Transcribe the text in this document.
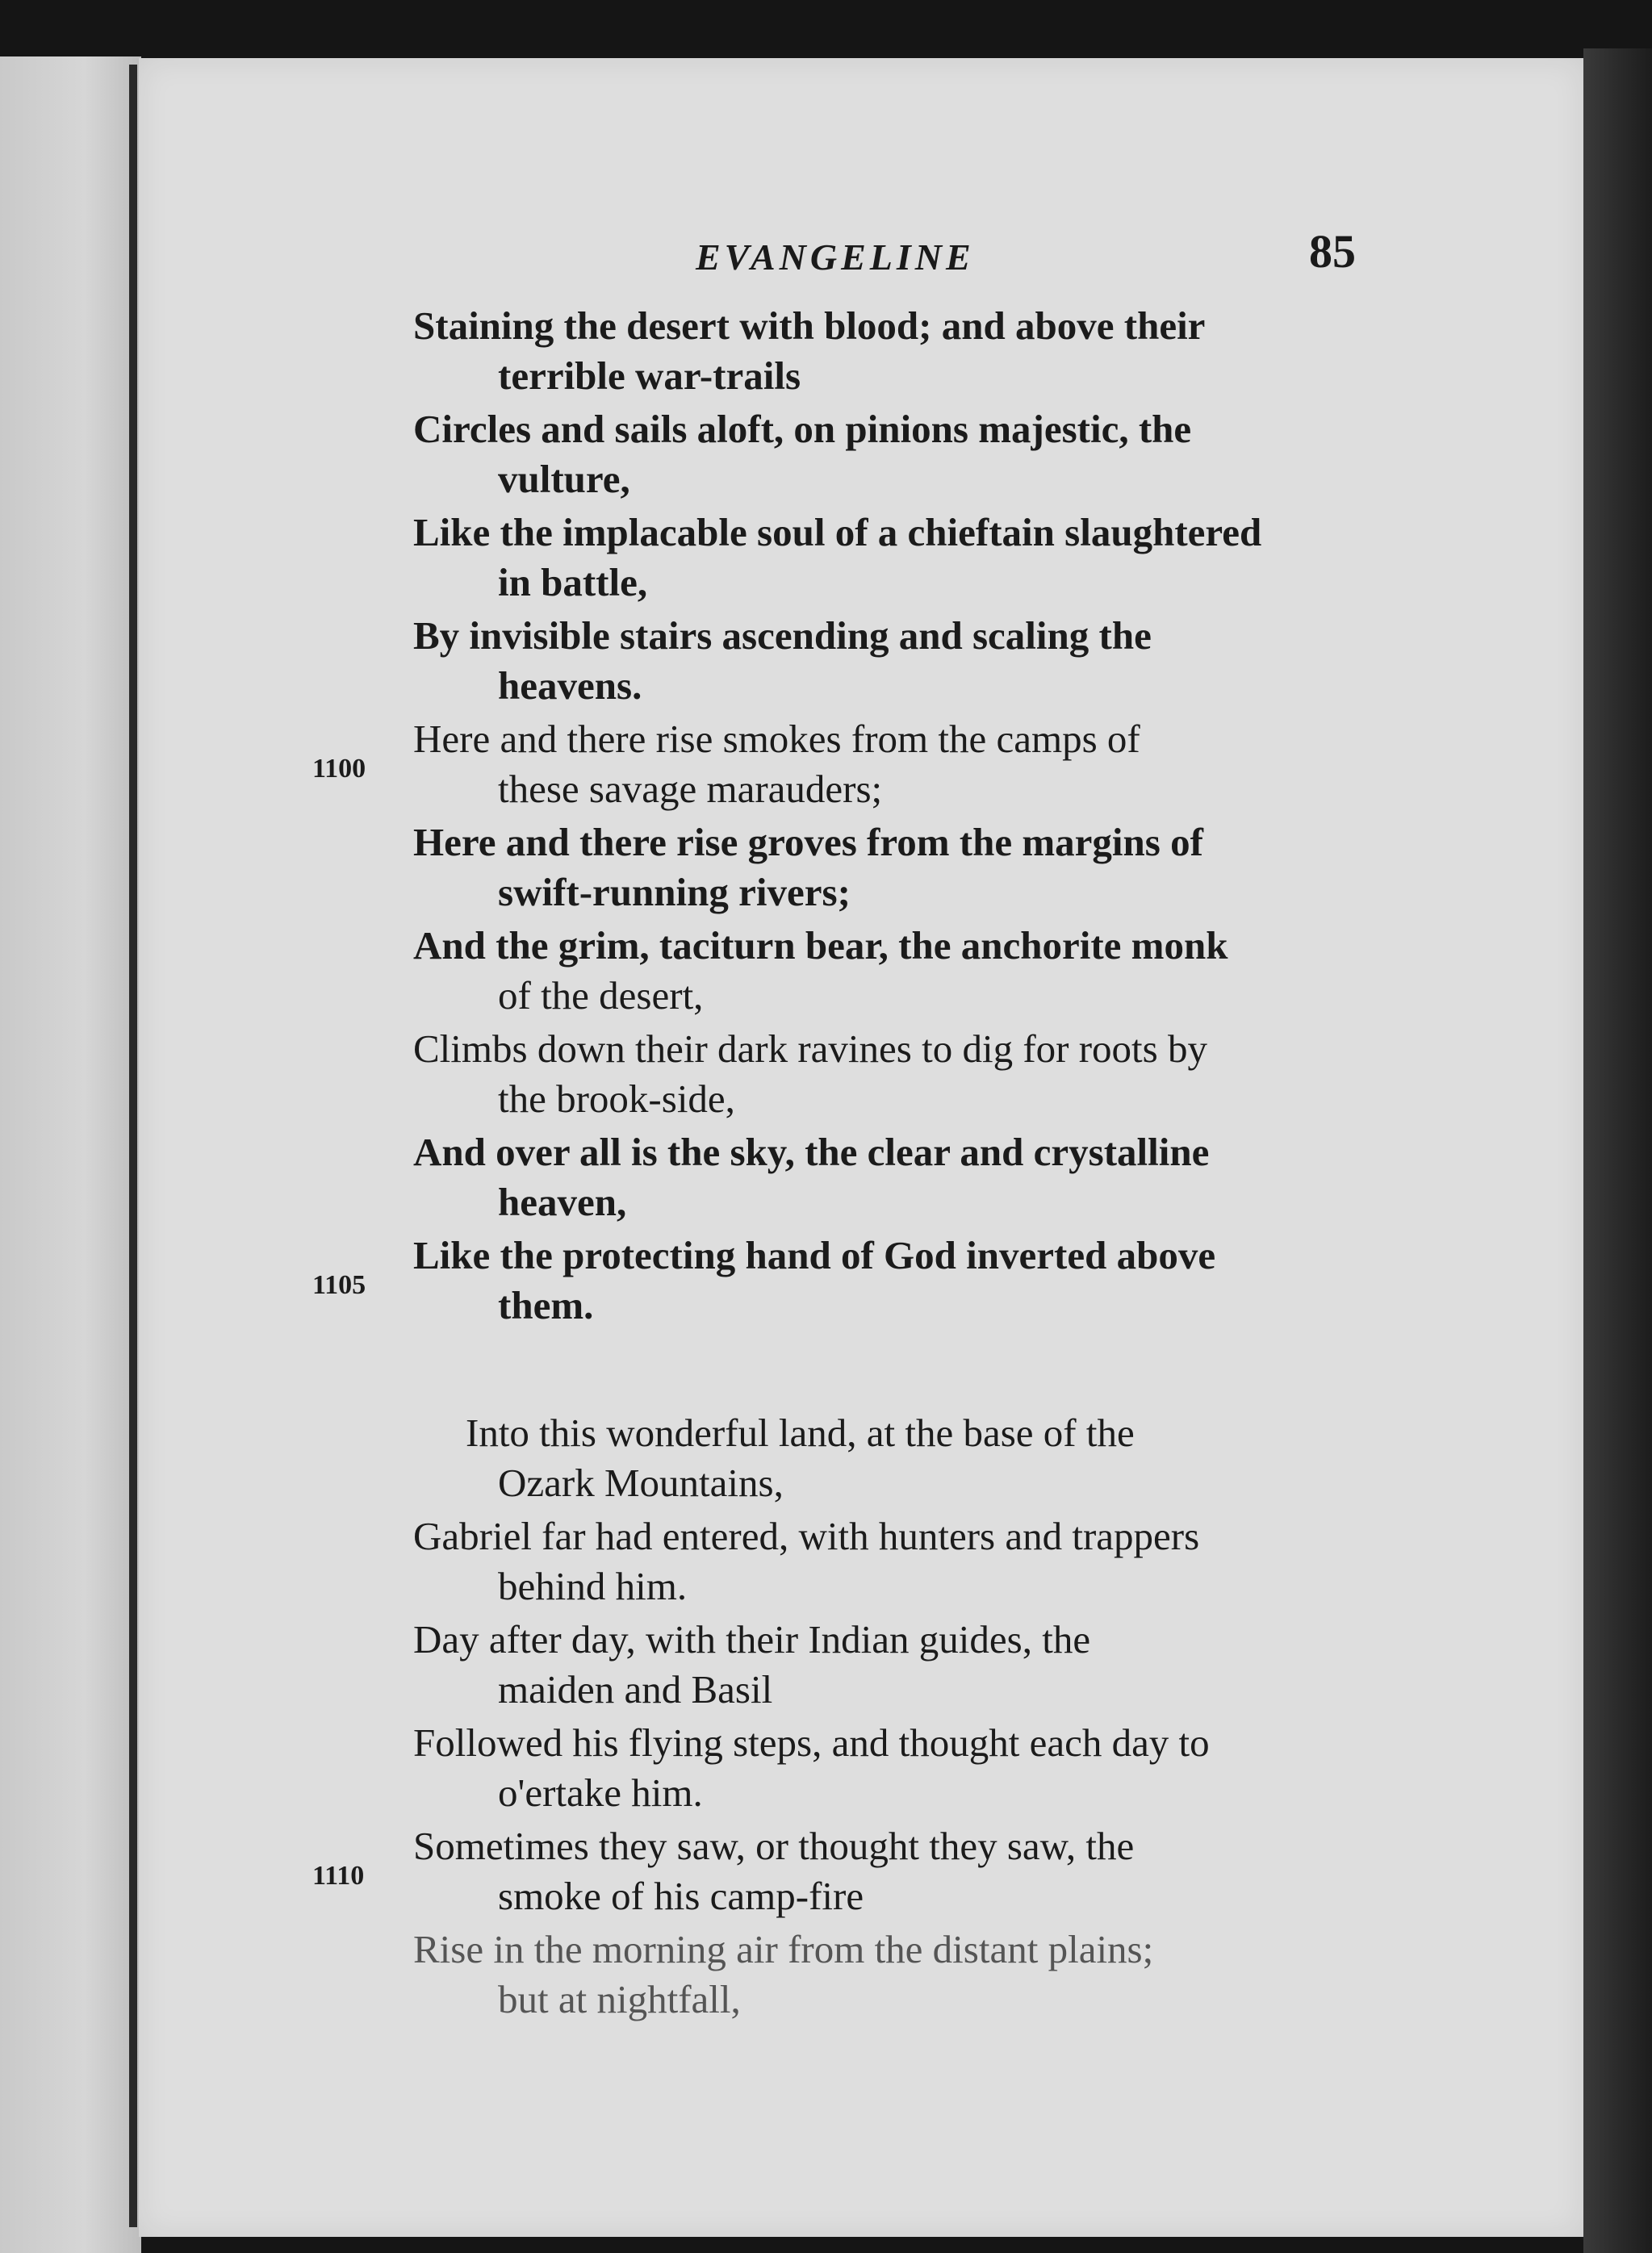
EVANGELINE	85
Staining the desert with blood; and above their
terrible war-trails
Circles and sails aloft, on pinions majestic, the
vulture,
Like the implacable soul of a chieftain slaughtered
in battle,
By invisible stairs ascending and scaling the
heavens.
Here and there rise smokes from the camps of
1100	these savage marauders;
Here and there rise groves from the margins of
swift-running rivers;
And the grim, taciturn bear, the anchorite monk
of the desert,
Climbs down their dark ravines to dig for roots by
the brook-side,
And over all is the sky, the clear and crystalline
heaven,
Like the protecting hand of God inverted above
1105	them.
Into this wonderful land, at the base of the
Ozark Mountains,
Gabriel far had entered, with hunters and trappers
behind him.
Day after day, with their Indian guides, the
maiden and Basil
Followed his flying steps, and thought each day to
o'ertake him.
Sometimes they saw, or thought they saw, the
1110	smoke of his camp-fire
Rise in the morning air from the distant plains;
but at nightfall,
